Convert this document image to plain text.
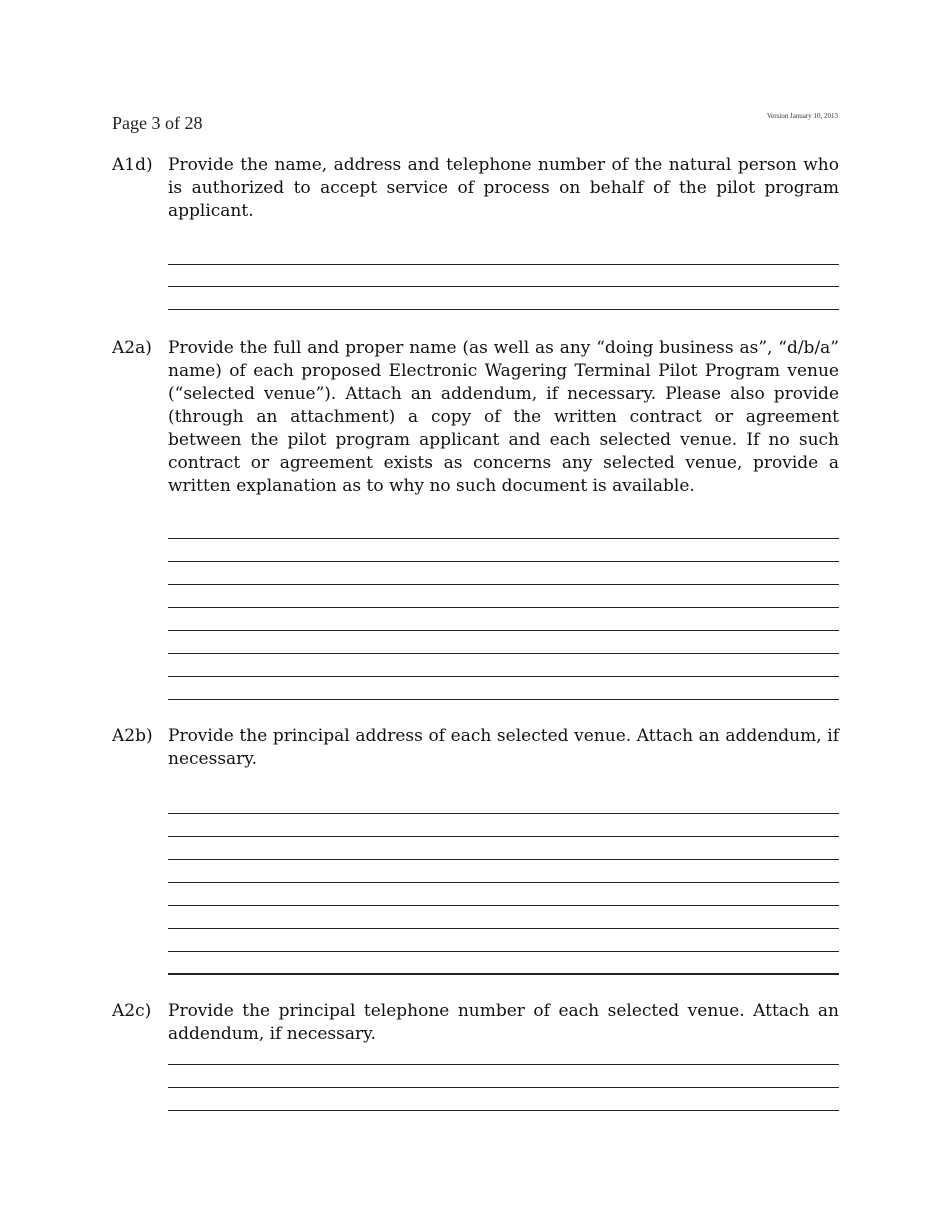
Page 3 of 28	Version January 10, 2013
A1d) Provide the name, address and telephone number of the natural person who is authorized to accept service of process on behalf of the pilot program applicant.

A2a) Provide the full and proper name (as well as any “doing business as”, “d/b/a” name) of each proposed Electronic Wagering Terminal Pilot Program venue (“selected venue”). Attach an addendum, if necessary. Please also provide (through an attachment) a copy of the written contract or agreement between the pilot program applicant and each selected venue. If no such contract or agreement exists as concerns any selected venue, provide a written explanation as to why no such document is available.

A2b) Provide the principal address of each selected venue. Attach an addendum, if necessary.

A2c) Provide the principal telephone number of each selected venue. Attach an addendum, if necessary.
